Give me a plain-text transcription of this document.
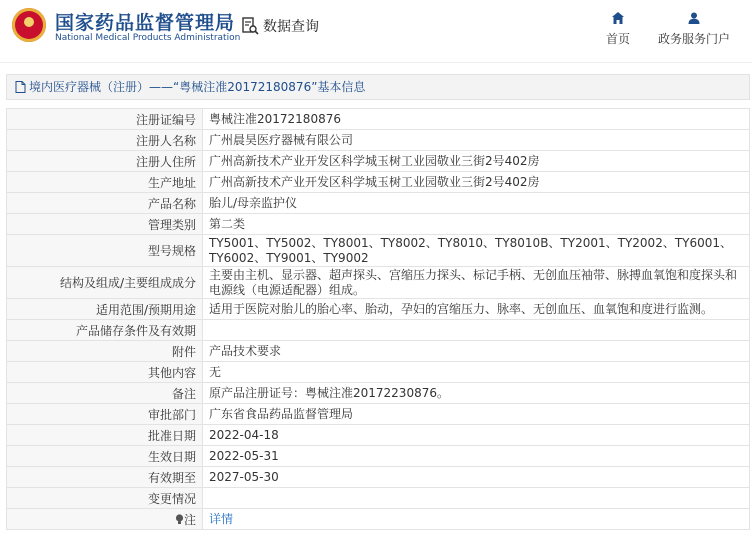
国家药品监督管理局
National Medical Products Administration
数据查询
首页 政务服务门户
境内医疗器械（注册）——“粤械注准20172180876”基本信息
注册证编号	粤械注准20172180876
注册人名称	广州晨昊医疗器械有限公司
注册人住所	广州高新技术产业开发区科学城玉树工业园敬业三街2号402房
生产地址	广州高新技术产业开发区科学城玉树工业园敬业三街2号402房
产品名称	胎儿/母亲监护仪
管理类别	第二类
型号规格	TY5001、TY5002、TY8001、TY8002、TY8010、TY8010B、TY2001、TY2002、TY6001、TY6002、TY9001、TY9002
结构及组成/主要组成成分	主要由主机、显示器、超声探头、宫缩压力探头、标记手柄、无创血压袖带、脉搏血氧饱和度探头和电源线（电源适配器）组成。
适用范围/预期用途	适用于医院对胎儿的胎心率、胎动，孕妇的宫缩压力、脉率、无创血压、血氧饱和度进行监测。
产品储存条件及有效期	
附件	产品技术要求
其他内容	无
备注	原产品注册证号：粤械注准20172230876。
审批部门	广东省食品药品监督管理局
批准日期	2022-04-18
生效日期	2022-05-31
有效期至	2027-05-30
变更情况	
注	详情
